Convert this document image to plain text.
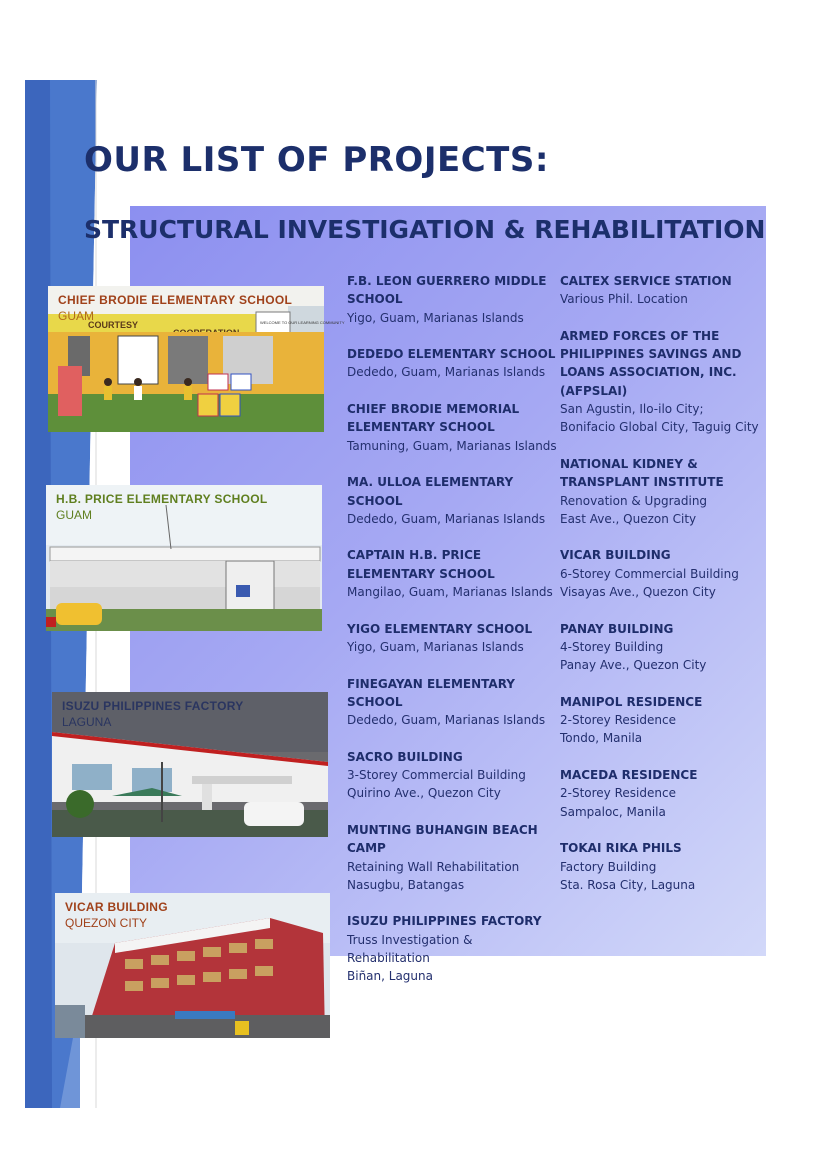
OUR LIST OF PROJECTS:
STRUCTURAL INVESTIGATION & REHABILITATION
COURTESY	WELCOME TO OUR LEARNING COMMUNITY
CHIEF BRODIE ELEMENTARY SCHOOL
GUAM
H.B. PRICE ELEMENTARY SCHOOL
GUAM
ISUZU PHILIPPINES FACTORY
LAGUNA
VICAR BUILDING
QUEZON CITY
F.B. LEON GUERRERO MIDDLE SCHOOL
Yigo, Guam, Marianas Islands
DEDEDO ELEMENTARY SCHOOL
Dededo, Guam, Marianas Islands
CHIEF BRODIE MEMORIAL ELEMENTARY SCHOOL
Tamuning, Guam, Marianas Islands
MA. ULLOA ELEMENTARY SCHOOL
Dededo, Guam, Marianas Islands
CAPTAIN H.B. PRICE ELEMENTARY SCHOOL
Mangilao, Guam, Marianas Islands
YIGO ELEMENTARY SCHOOL
Yigo, Guam, Marianas Islands
FINEGAYAN ELEMENTARY SCHOOL
Dededo, Guam, Marianas Islands
SACRO BUILDING
3-Storey Commercial Building
Quirino Ave., Quezon City
MUNTING BUHANGIN BEACH CAMP
Retaining Wall Rehabilitation
Nasugbu, Batangas
ISUZU PHILIPPINES FACTORY
Truss Investigation & Rehabilitation
Biñan, Laguna
CALTEX SERVICE STATION
Various Phil. Location
ARMED FORCES OF THE PHILIPPINES SAVINGS AND LOANS ASSOCIATION, INC. (AFPSLAI)
San Agustin, Ilo-ilo City;
Bonifacio Global City, Taguig City
NATIONAL KIDNEY & TRANSPLANT INSTITUTE
Renovation & Upgrading
East Ave., Quezon City
VICAR BUILDING
6-Storey Commercial Building
Visayas Ave., Quezon City
PANAY BUILDING
4-Storey Building
Panay Ave., Quezon City
MANIPOL RESIDENCE
2-Storey Residence
Tondo, Manila
MACEDA RESIDENCE
2-Storey Residence
Sampaloc, Manila
TOKAI RIKA PHILS
Factory Building
Sta. Rosa City, Laguna
